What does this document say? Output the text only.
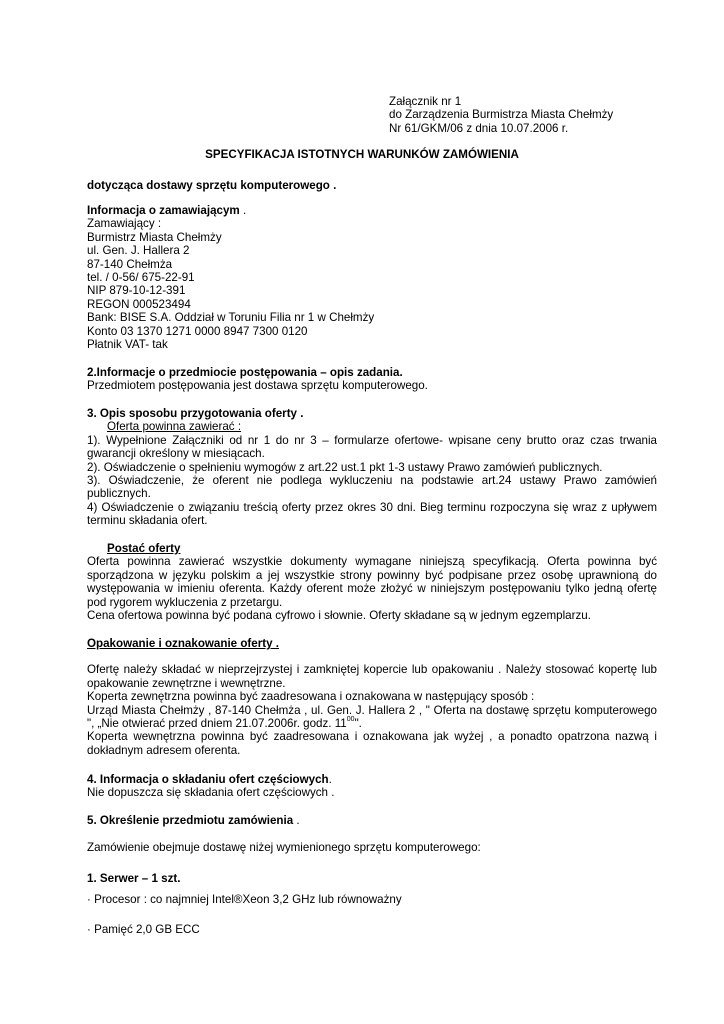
Załącznik nr 1

do Zarządzenia Burmistrza Miasta Chełmży

Nr 61/GKM/06 z dnia 10.07.2006 r.

SPECYFIKACJA ISTOTNYCH WARUNKÓW ZAMÓWIENIA
dotycząca dostawy sprzętu komputerowego .

Informacja o zamawiającym .

Zamawiający :

Burmistrz Miasta Chełmży

ul. Gen. J. Hallera 2

87-140 Chełmża

tel. / 0-56/ 675-22-91

NIP 879-10-12-391

REGON 000523494

Bank: BISE S.A. Oddział w Toruniu Filia nr 1 w Chełmży

Konto 03 1370 1271 0000 8947 7300 0120

Płatnik VAT- tak

2.Informacje o przedmiocie postępowania – opis zadania.

Przedmiotem postępowania jest dostawa sprzętu komputerowego.

3. Opis sposobu przygotowania oferty .

Oferta powinna zawierać :

1). Wypełnione Załączniki od nr 1 do nr 3 – formularze ofertowe- wpisane ceny brutto oraz czas trwania gwarancji określony w miesiącach.

2). Oświadczenie o spełnieniu wymogów z art.22 ust.1 pkt 1-3 ustawy Prawo zamówień publicznych.

3). Oświadczenie, że oferent nie podlega wykluczeniu na podstawie art.24 ustawy Prawo zamówień publicznych.

4) Oświadczenie o związaniu treścią oferty przez okres 30 dni. Bieg terminu rozpoczyna się wraz z upływem terminu składania ofert.

Postać oferty

Oferta powinna zawierać wszystkie dokumenty wymagane niniejszą specyfikacją. Oferta powinna być sporządzona w języku polskim a jej wszystkie strony powinny być podpisane przez osobę uprawnioną do występowania w imieniu oferenta. Każdy oferent może złożyć w niniejszym postępowaniu tylko jedną ofertę pod rygorem wykluczenia z przetargu.

Cena ofertowa powinna być podana cyfrowo i słownie. Oferty składane są w jednym egzemplarzu.

Opakowanie i oznakowanie oferty .

Ofertę należy składać w nieprzejrzystej i zamkniętej kopercie lub opakowaniu . Należy stosować kopertę lub opakowanie zewnętrzne i wewnętrzne.

Koperta zewnętrzna powinna być zaadresowana i oznakowana w następujący sposób :

Urząd Miasta Chełmży , 87-140 Chełmża , ul. Gen. J. Hallera 2 , " Oferta na dostawę sprzętu komputerowego ", „Nie otwierać przed dniem 21.07.2006r. godz. $11^{00}$".

Koperta wewnętrzna powinna być zaadresowana i oznakowana jak wyżej , a ponadto opatrzona nazwą i dokładnym adresem oferenta.

4. Informacja o składaniu ofert częściowych.

Nie dopuszcza się składania ofert częściowych .

5. Określenie przedmiotu zamówienia .

Zamówienie obejmuje dostawę niżej wymienionego sprzętu komputerowego:
1. Serwer – 1 szt.
· Procesor : co najmniej Intel®Xeon 3,2 GHz lub równoważny
· Pamięć 2,0 GB ECC
